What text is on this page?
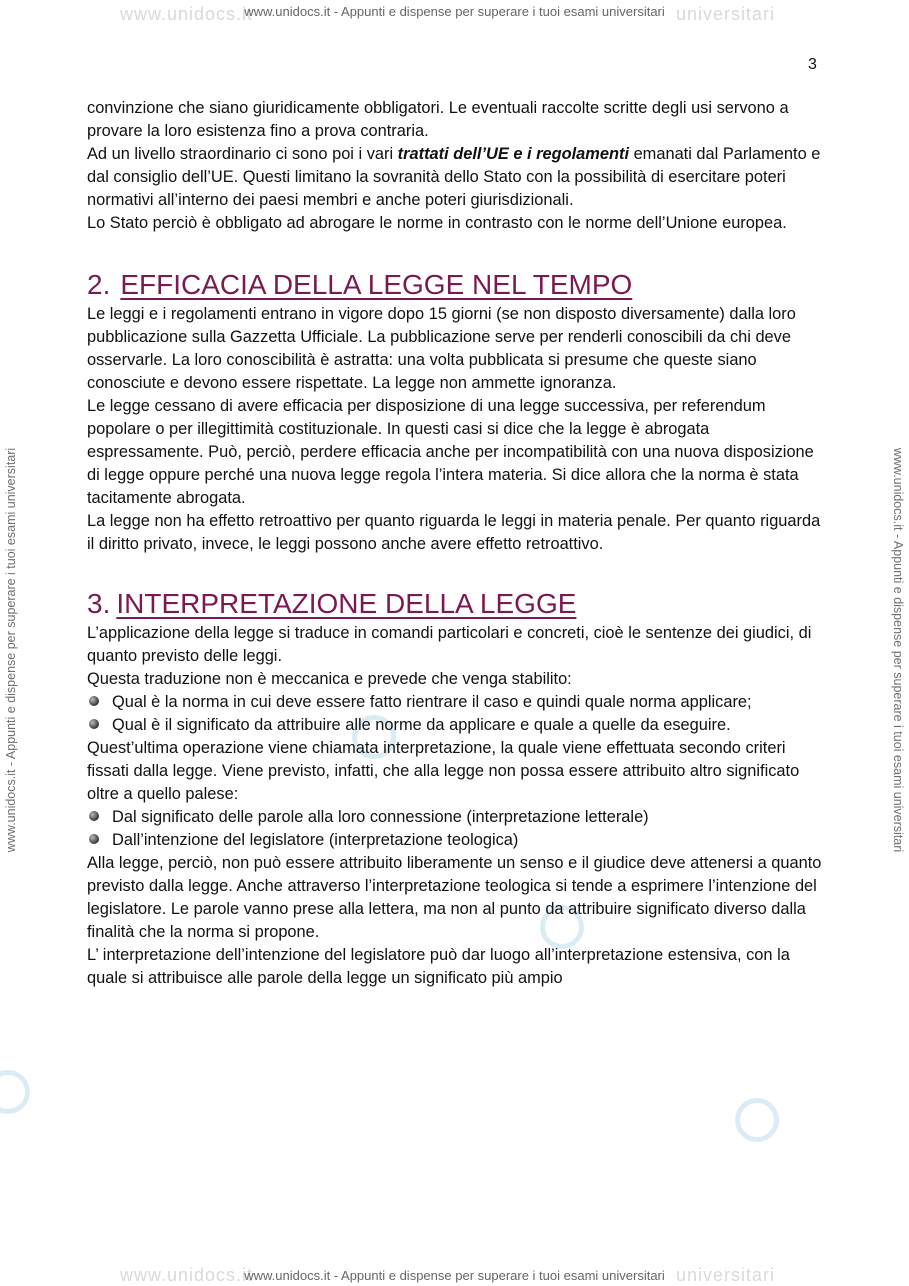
www.unidocs.it	universitari
www.unidocs.it	universitari
www.unidocs.it - Appunti e dispense per superare i tuoi esami universitari
www.unidocs.it - Appunti e dispense per superare i tuoi esami universitari
www.unidocs.it - Appunti e dispense per superare i tuoi esami universitari	www.unidocs.it - Appunti e dispense per superare i tuoi esami universitari
3

convinzione che siano giuridicamente obbligatori. Le eventuali raccolte scritte degli usi servono a provare la loro esistenza fino a prova contraria.

Ad un livello straordinario ci sono poi i vari trattati dell’UE e i regolamenti emanati dal Parlamento e dal consiglio dell’UE. Questi limitano la sovranità dello Stato con la possibilità di esercitare poteri normativi all’interno dei paesi membri e anche poteri giurisdizionali.

Lo Stato perciò è obbligato ad abrogare le norme in contrasto con le norme dell’Unione europea.

2. EFFICACIA DELLA LEGGE NEL TEMPO

Le leggi e i regolamenti entrano in vigore dopo 15 giorni (se non disposto diversamente) dalla loro pubblicazione sulla Gazzetta Ufficiale. La pubblicazione serve per renderli conoscibili da chi deve osservarle. La loro conoscibilità è astratta: una volta pubblicata si presume che queste siano conosciute e devono essere rispettate. La legge non ammette ignoranza.

Le legge cessano di avere efficacia per disposizione di una legge successiva, per referendum popolare o per illegittimità costituzionale. In questi casi si dice che la legge è abrogata espressamente. Può, perciò, perdere efficacia anche per incompatibilità con una nuova disposizione di legge oppure perché una nuova legge regola l’intera materia. Si dice allora che la norma è stata tacitamente abrogata.

La legge non ha effetto retroattivo per quanto riguarda le leggi in materia penale. Per quanto riguarda il diritto privato, invece, le leggi possono anche avere effetto retroattivo.

3. INTERPRETAZIONE DELLA LEGGE

L’applicazione della legge si traduce in comandi particolari e concreti, cioè le sentenze dei giudici, di quanto previsto delle leggi.

Questa traduzione non è meccanica e prevede che venga stabilito:

Qual è la norma in cui deve essere fatto rientrare il caso e quindi quale norma applicare;
Qual è il significato da attribuire alle norme da applicare e quale a quelle da eseguire.

Quest’ultima operazione viene chiamata interpretazione, la quale viene effettuata secondo criteri fissati dalla legge. Viene previsto, infatti, che alla legge non possa essere attribuito altro significato oltre a quello palese:

Dal significato delle parole alla loro connessione (interpretazione letterale)
Dall’intenzione del legislatore (interpretazione teologica)

Alla legge, perciò, non può essere attribuito liberamente un senso e il giudice deve attenersi a quanto previsto dalla legge. Anche attraverso l’interpretazione teologica si tende a esprimere l’intenzione del legislatore. Le parole vanno prese alla lettera, ma non al punto da attribuire significato diverso dalla finalità che la norma si propone.

L’ interpretazione dell’intenzione del legislatore può dar luogo all’interpretazione estensiva, con la quale si attribuisce alle parole della legge un significato più ampio
